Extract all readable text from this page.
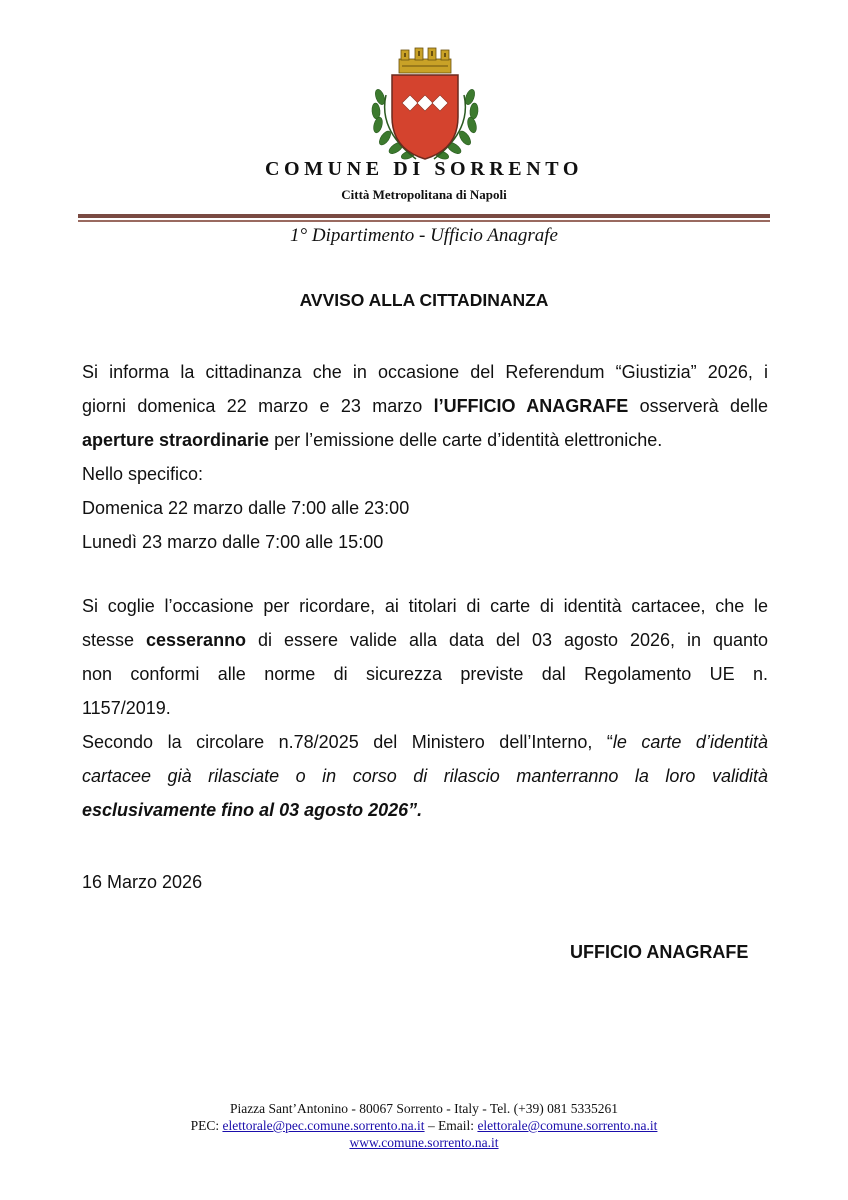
COMUNE DI SORRENTO
Città Metropolitana di Napoli
1° Dipartimento - Ufficio Anagrafe
AVVISO ALLA CITTADINANZA
Si informa la cittadinanza che in occasione del Referendum “Giustizia” 2026, i
giorni domenica 22 marzo e 23 marzo l’UFFICIO ANAGRAFE osserverà delle
aperture straordinarie per l’emissione delle carte d’identità elettroniche.
Nello specifico:
Domenica 22 marzo dalle 7:00 alle 23:00
Lunedì 23 marzo dalle 7:00 alle 15:00
Si coglie l’occasione per ricordare, ai titolari di carte di identità cartacee, che le
stesse cesseranno di essere valide alla data del 03 agosto 2026, in quanto
non conformi alle norme di sicurezza previste dal Regolamento UE n.
1157/2019.
Secondo la circolare n.78/2025 del Ministero dell’Interno, “le carte d’identità
cartacee già rilasciate o in corso di rilascio manterranno la loro validità
esclusivamente fino al 03 agosto 2026”.
16 Marzo 2026
UFFICIO ANAGRAFE
Piazza Sant’Antonino - 80067 Sorrento - Italy - Tel. (+39) 081 5335261
PEC: elettorale@pec.comune.sorrento.na.it – Email: elettorale@comune.sorrento.na.it
www.comune.sorrento.na.it
